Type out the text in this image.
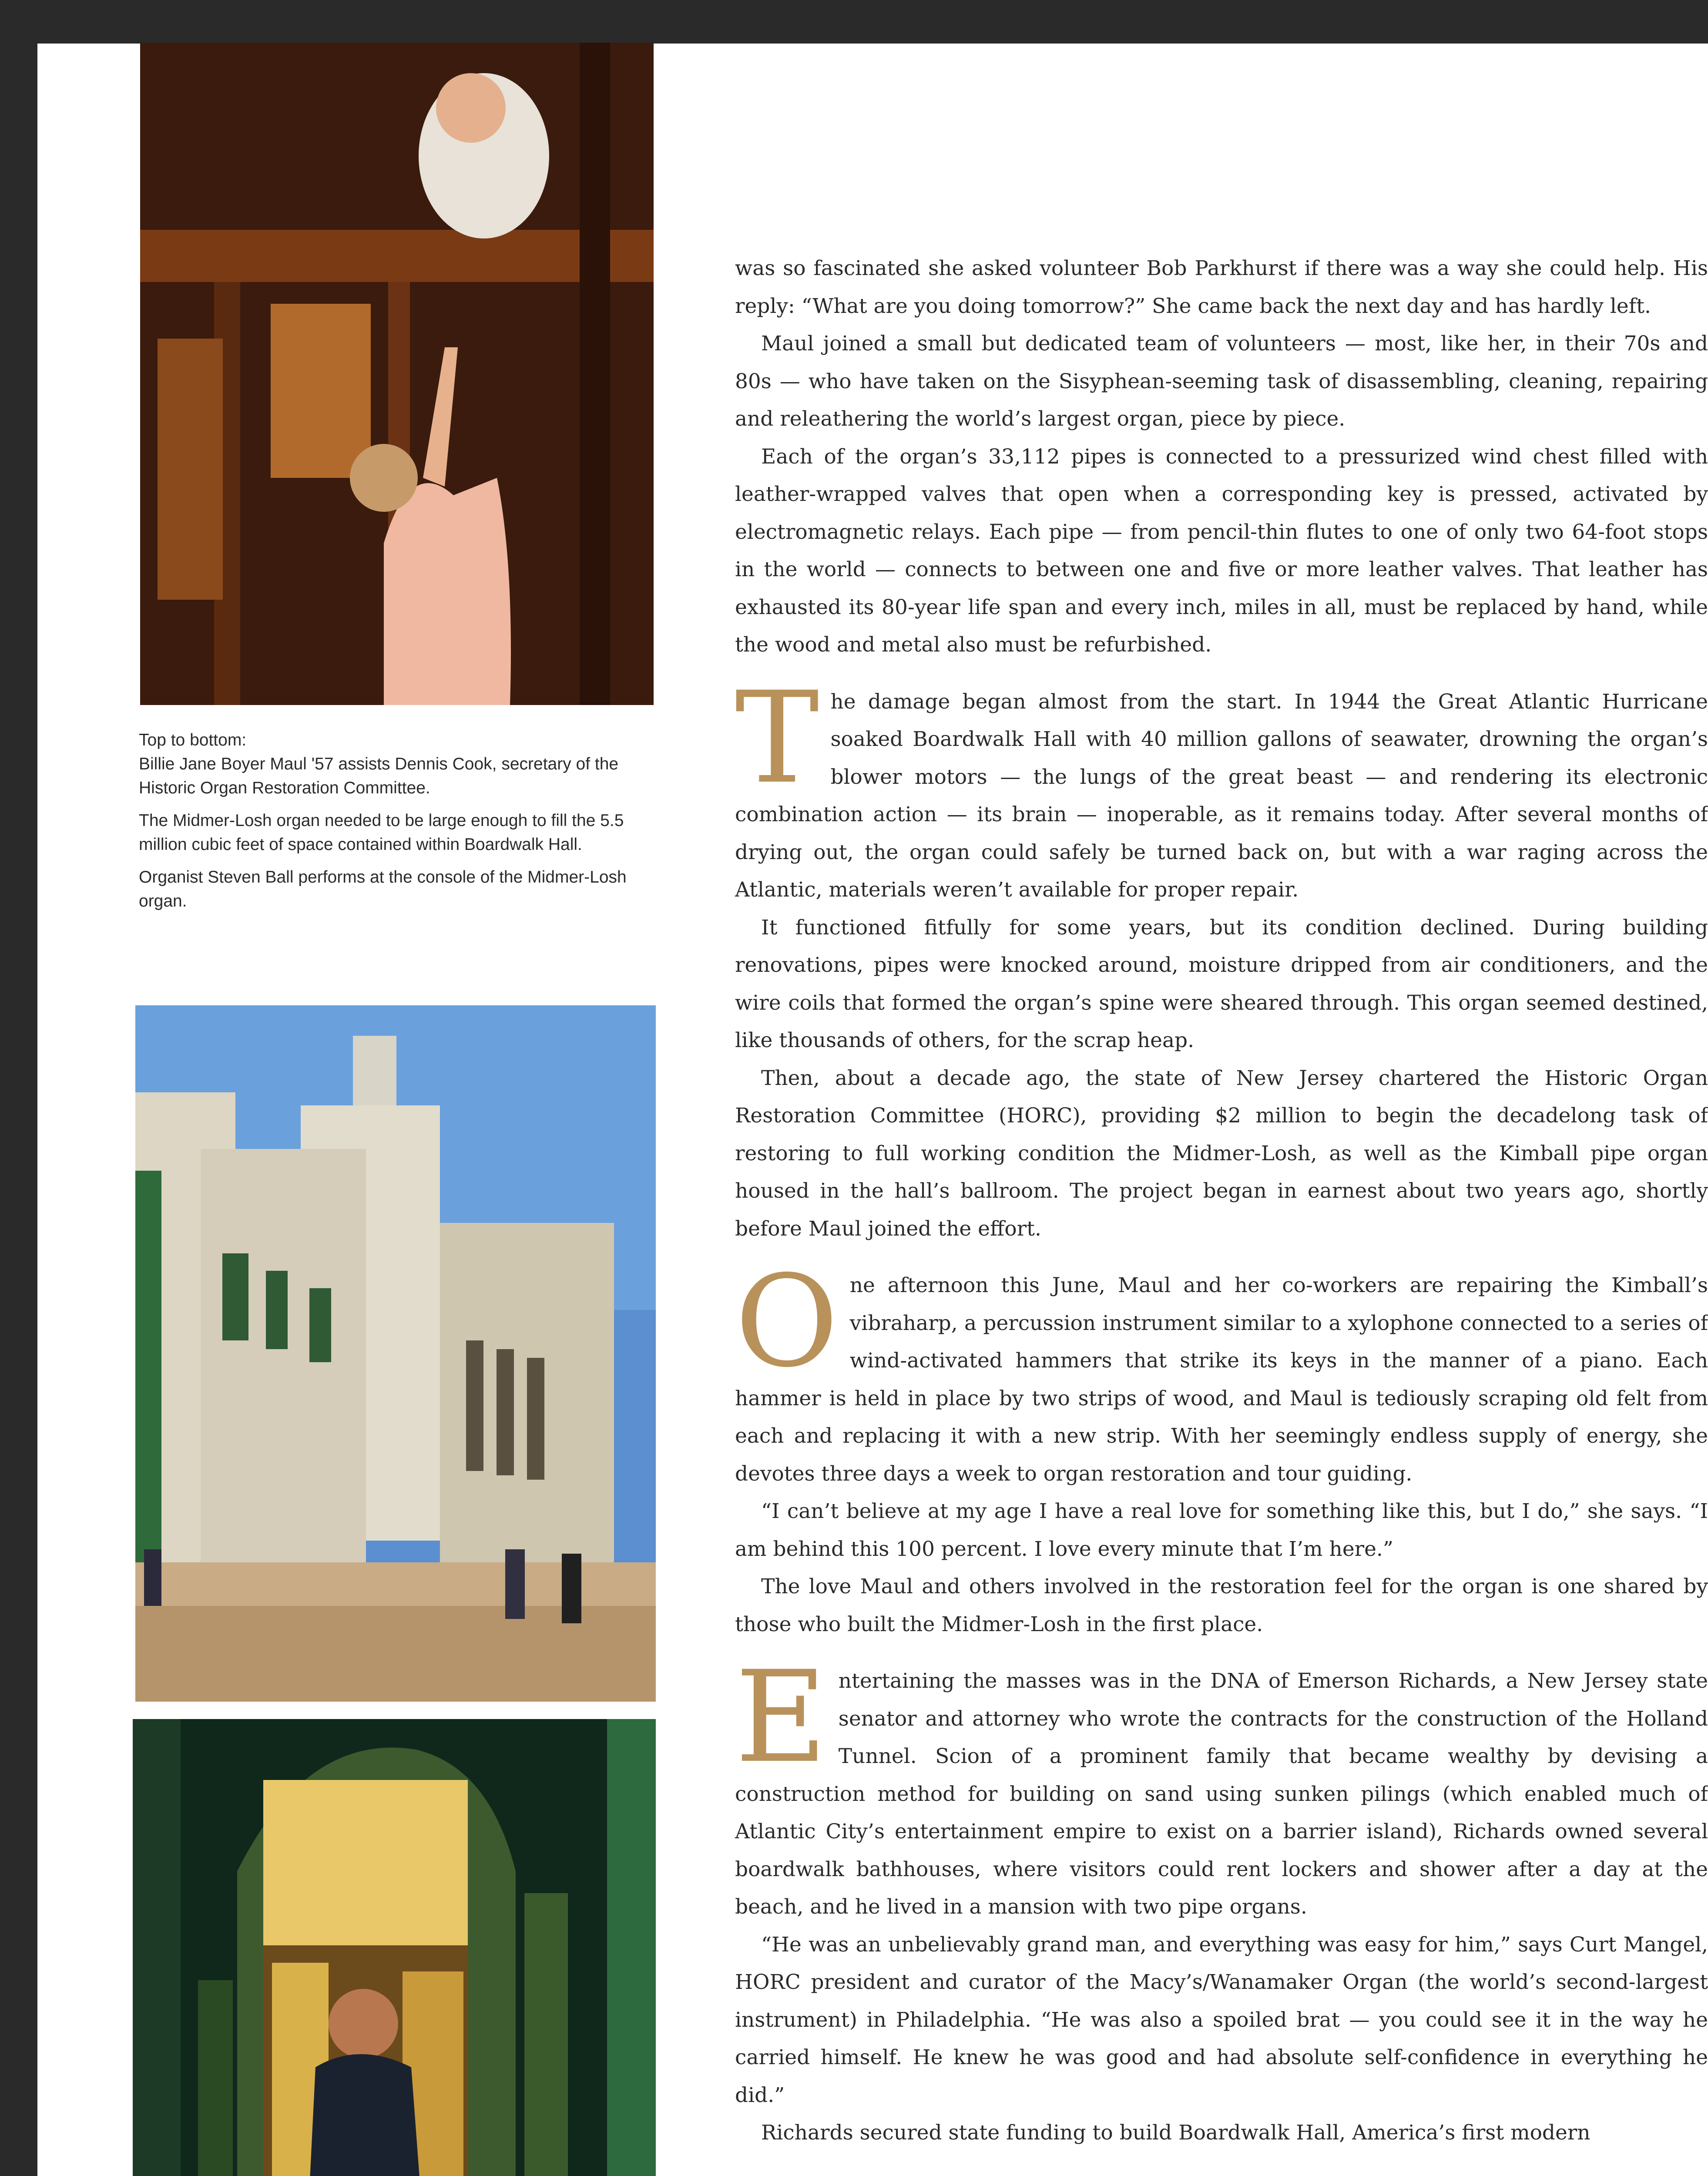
Top to bottom:

Billie Jane Boyer Maul '57 assists Dennis Cook, secretary of the Historic Organ Restoration Committee.

The Midmer-Losh organ needed to be large enough to fill the 5.5 million cubic feet of space contained within Boardwalk Hall.

Organist Steven Ball performs at the console of the Midmer-Losh organ.

was so fascinated she asked volunteer Bob Parkhurst if there was a way she could help. His reply: “What are you doing tomorrow?” She came back the next day and has hardly left.

Maul joined a small but dedicated team of volunteers — most, like her, in their 70s and 80s — who have taken on the Sisyphean-seeming task of disassembling, cleaning, repairing and releathering the world’s largest organ, piece by piece.

Each of the organ’s 33,112 pipes is connected to a pressurized wind chest filled with leather-wrapped valves that open when a corresponding key is pressed, activated by electromagnetic relays. Each pipe — from pencil-thin flutes to one of only two 64-foot stops in the world — connects to between one and five or more leather valves. That leather has exhausted its 80-year life span and every inch, miles in all, must be replaced by hand, while the wood and metal also must be refurbished.

T he damage began almost from the start. In 1944 the Great Atlantic Hurricane soaked Boardwalk Hall with 40 million gallons of seawater, drowning the organ’s blower motors — the lungs of the great beast — and rendering its electronic combination action — its brain — inoperable, as it remains today. After several months of drying out, the organ could safely be turned back on, but with a war raging across the Atlantic, materials weren’t available for proper repair.

It functioned fitfully for some years, but its condition declined. During building renovations, pipes were knocked around, moisture dripped from air conditioners, and the wire coils that formed the organ’s spine were sheared through. This organ seemed destined, like thousands of others, for the scrap heap.

Then, about a decade ago, the state of New Jersey chartered the Historic Organ Restoration Committee (HORC), providing $2 million to begin the decadelong task of restoring to full working condition the Midmer-Losh, as well as the Kimball pipe organ housed in the hall’s ballroom. The project began in earnest about two years ago, shortly before Maul joined the effort.

O ne afternoon this June, Maul and her co-workers are repairing the Kimball’s vibraharp, a percussion instrument similar to a xylophone connected to a series of wind-activated hammers that strike its keys in the manner of a piano. Each hammer is held in place by two strips of wood, and Maul is tediously scraping old felt from each and replacing it with a new strip. With her seemingly endless supply of energy, she devotes three days a week to organ restoration and tour guiding.

“I can’t believe at my age I have a real love for something like this, but I do,” she says. “I am behind this 100 percent. I love every minute that I’m here.”

The love Maul and others involved in the restoration feel for the organ is one shared by those who built the Midmer-Losh in the first place.

E ntertaining the masses was in the DNA of Emerson Richards, a New Jersey state senator and attorney who wrote the contracts for the construction of the Holland Tunnel. Scion of a prominent family that became wealthy by devising a construction method for building on sand using sunken pilings (which enabled much of Atlantic City’s entertainment empire to exist on a barrier island), Richards owned several boardwalk bathhouses, where visitors could rent lockers and shower after a day at the beach, and he lived in a mansion with two pipe organs.

“He was an unbelievably grand man, and everything was easy for him,” says Curt Mangel, HORC president and curator of the Macy’s/Wanamaker Organ (the world’s second-largest instrument) in Philadelphia. “He was also a spoiled brat — you could see it in the way he carried himself. He knew he was good and had absolute self-confidence in everything he did.”

Richards secured state funding to build Boardwalk Hall, America’s first modern
